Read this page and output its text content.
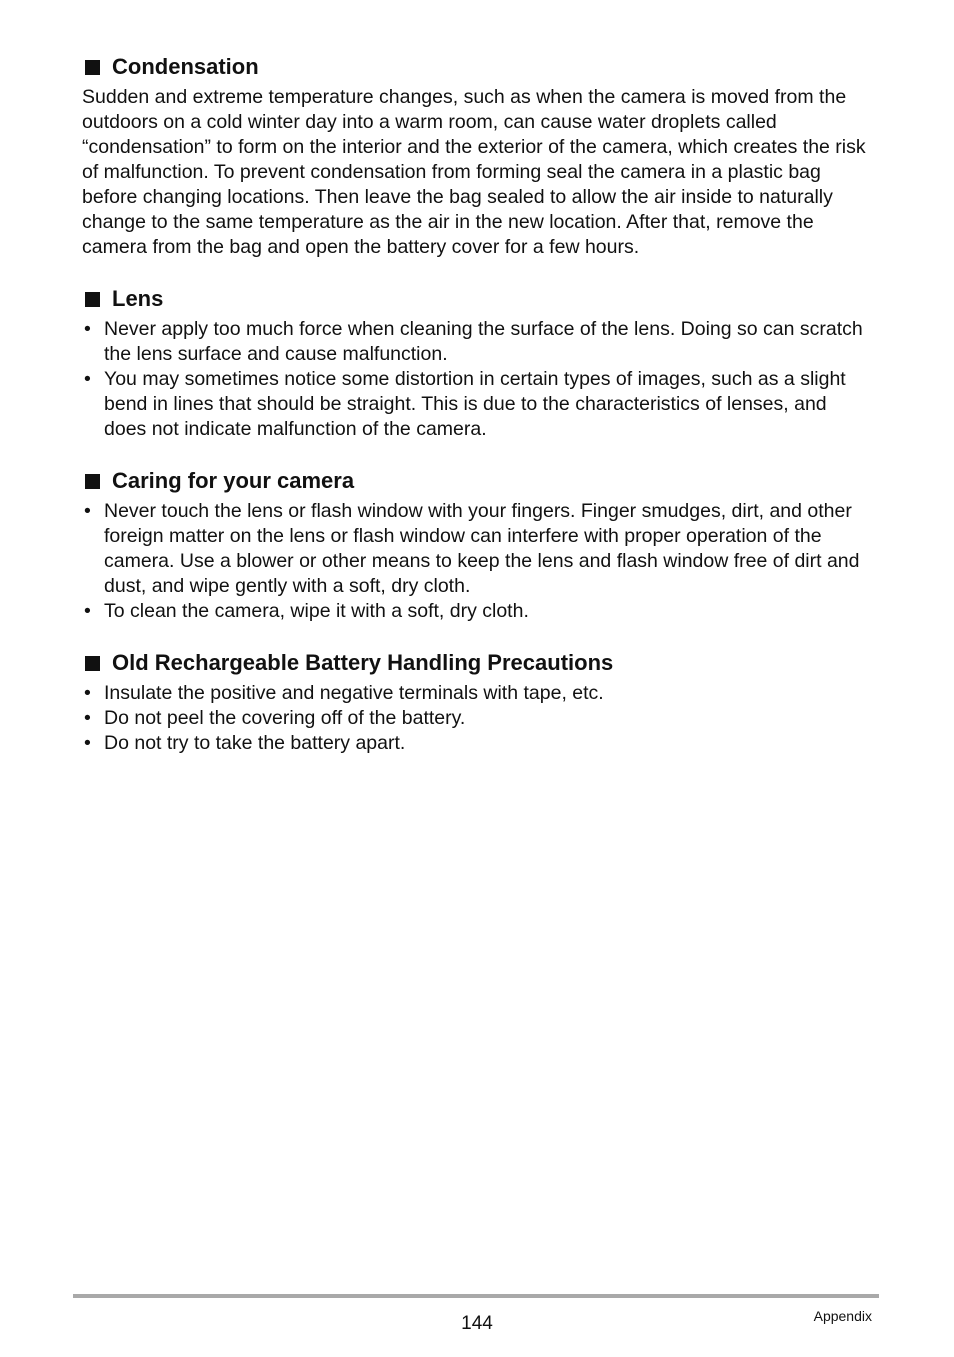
Condensation

Sudden and extreme temperature changes, such as when the camera is moved from the outdoors on a cold winter day into a warm room, can cause water droplets called “condensation” to form on the interior and the exterior of the camera, which creates the risk of malfunction. To prevent condensation from forming seal the camera in a plastic bag before changing locations. Then leave the bag sealed to allow the air inside to naturally change to the same temperature as the air in the new location. After that, remove the camera from the bag and open the battery cover for a few hours.

Lens
• Never apply too much force when cleaning the surface of the lens. Doing so can scratch the lens surface and cause malfunction.
• You may sometimes notice some distortion in certain types of images, such as a slight bend in lines that should be straight. This is due to the characteristics of lenses, and does not indicate malfunction of the camera.
Caring for your camera
• Never touch the lens or flash window with your fingers. Finger smudges, dirt, and other foreign matter on the lens or flash window can interfere with proper operation of the camera. Use a blower or other means to keep the lens and flash window free of dirt and dust, and wipe gently with a soft, dry cloth.
• To clean the camera, wipe it with a soft, dry cloth.
Old Rechargeable Battery Handling Precautions
• Insulate the positive and negative terminals with tape, etc.
• Do not peel the covering off of the battery.
• Do not try to take the battery apart.
144	Appendix
